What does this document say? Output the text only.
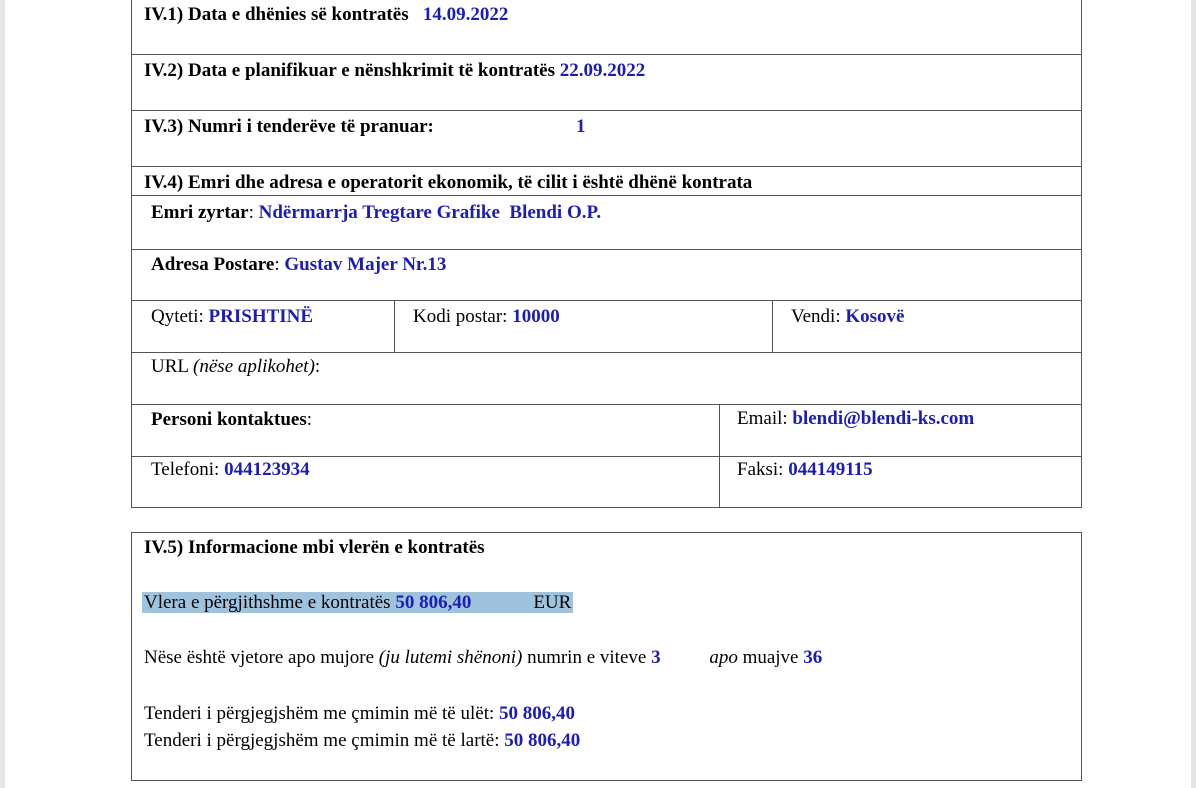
IV.1) Data e dhënies së kontratës 14.09.2022
IV.2) Data e planifikuar e nënshkrimit të kontratës 22.09.2022
IV.3) Numri i tenderëve të pranuar:	1
IV.4) Emri dhe adresa e operatorit ekonomik, të cilit i është dhënë kontrata
Emri zyrtar: Ndërmarrja Tregtare Grafike  Blendi O.P.
Adresa Postare: Gustav Majer Nr.13
Qyteti: PRISHTINË	Kodi postar: 10000	Vendi: Kosovë
URL (nëse aplikohet):
Personi kontaktues:	Email: blendi@blendi-ks.com
Telefoni: 044123934	Faksi: 044149115
IV.5) Informacione mbi vlerën e kontratës
Vlera e përgjithshme e kontratës 50 806,40	EUR
Nëse është vjetore apo mujore (ju lutemi shënoni) numrin e viteve 3	apo muajve 36
Tenderi i përgjegjshëm me çmimin më të ulët: 50 806,40
Tenderi i përgjegjshëm me çmimin më të lartë: 50 806,40
